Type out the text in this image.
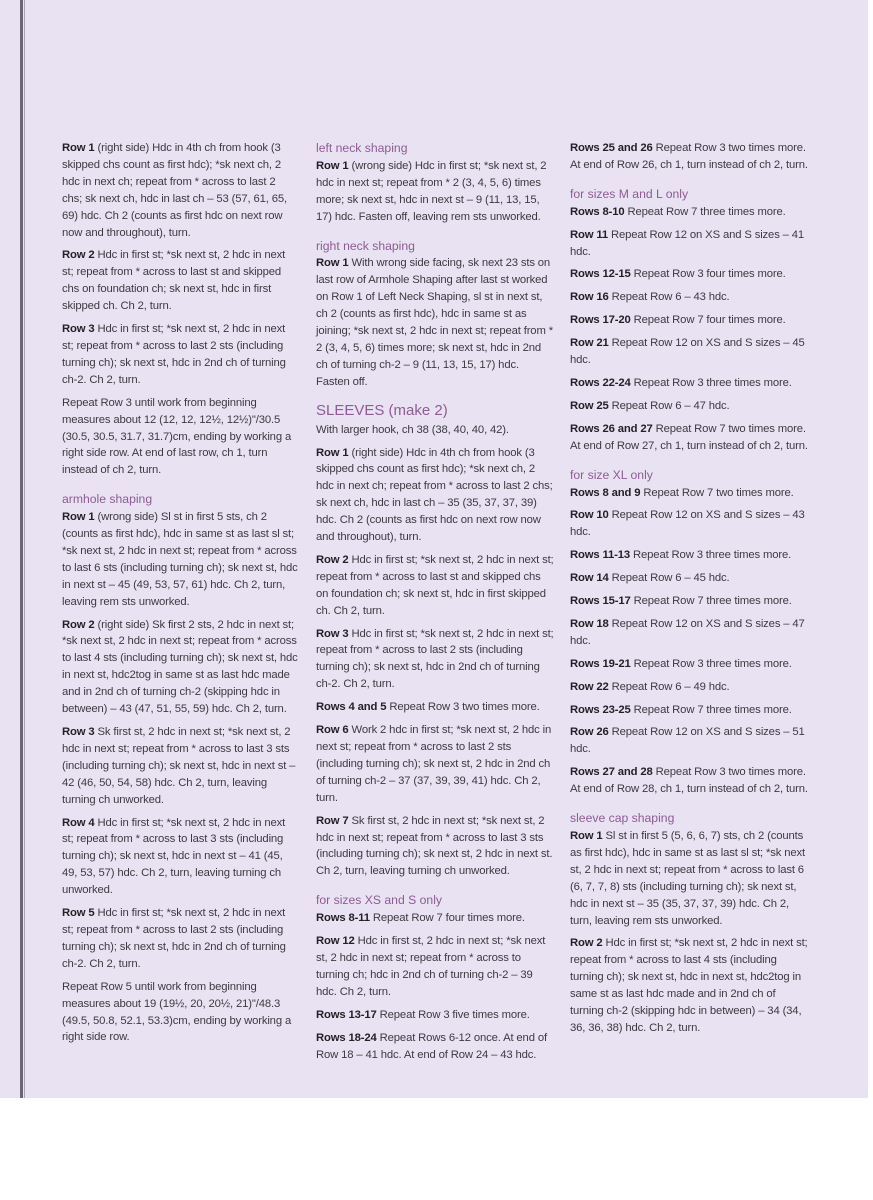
Row 1 (right side) Hdc in 4th ch from hook (3 skipped chs count as first hdc); *sk next ch, 2 hdc in next ch; repeat from * across to last 2 chs; sk next ch, hdc in last ch – 53 (57, 61, 65, 69) hdc. Ch 2 (counts as first hdc on next row now and throughout), turn.

Row 2 Hdc in first st; *sk next st, 2 hdc in next st; repeat from * across to last st and skipped chs on foundation ch; sk next st, hdc in first skipped ch. Ch 2, turn.

Row 3 Hdc in first st; *sk next st, 2 hdc in next st; repeat from * across to last 2 sts (including turning ch); sk next st, hdc in 2nd ch of turning ch-2. Ch 2, turn.

Repeat Row 3 until work from beginning measures about 12 (12, 12, 12½, 12½)"/30.5 (30.5, 30.5, 31.7, 31.7)cm, ending by working a right side row. At end of last row, ch 1, turn instead of ch 2, turn.

armhole shaping

Row 1 (wrong side) Sl st in first 5 sts, ch 2 (counts as first hdc), hdc in same st as last sl st; *sk next st, 2 hdc in next st; repeat from * across to last 6 sts (including turning ch); sk next st, hdc in next st – 45 (49, 53, 57, 61) hdc. Ch 2, turn, leaving rem sts unworked.

Row 2 (right side) Sk first 2 sts, 2 hdc in next st; *sk next st, 2 hdc in next st; repeat from * across to last 4 sts (including turning ch); sk next st, hdc in next st, hdc2tog in same st as last hdc made and in 2nd ch of turning ch-2 (skipping hdc in between) – 43 (47, 51, 55, 59) hdc. Ch 2, turn.

Row 3 Sk first st, 2 hdc in next st; *sk next st, 2 hdc in next st; repeat from * across to last 3 sts (including turning ch); sk next st, hdc in next st – 42 (46, 50, 54, 58) hdc. Ch 2, turn, leaving turning ch unworked.

Row 4 Hdc in first st; *sk next st, 2 hdc in next st; repeat from * across to last 3 sts (including turning ch); sk next st, hdc in next st – 41 (45, 49, 53, 57) hdc. Ch 2, turn, leaving turning ch unworked.

Row 5 Hdc in first st; *sk next st, 2 hdc in next st; repeat from * across to last 2 sts (including turning ch); sk next st, hdc in 2nd ch of turning ch-2. Ch 2, turn.

Repeat Row 5 until work from beginning measures about 19 (19½, 20, 20½, 21)"/48.3 (49.5, 50.8, 52.1, 53.3)cm, ending by working a right side row.

left neck shaping

Row 1 (wrong side) Hdc in first st; *sk next st, 2 hdc in next st; repeat from * 2 (3, 4, 5, 6) times more; sk next st, hdc in next st – 9 (11, 13, 15, 17) hdc. Fasten off, leaving rem sts unworked.

right neck shaping

Row 1 With wrong side facing, sk next 23 sts on last row of Armhole Shaping after last st worked on Row 1 of Left Neck Shaping, sl st in next st, ch 2 (counts as first hdc), hdc in same st as joining; *sk next st, 2 hdc in next st; repeat from * 2 (3, 4, 5, 6) times more; sk next st, hdc in 2nd ch of turning ch-2 – 9 (11, 13, 15, 17) hdc. Fasten off.

SLEEVES (make 2)

With larger hook, ch 38 (38, 40, 40, 42).

Row 1 (right side) Hdc in 4th ch from hook (3 skipped chs count as first hdc); *sk next ch, 2 hdc in next ch; repeat from * across to last 2 chs; sk next ch, hdc in last ch – 35 (35, 37, 37, 39) hdc. Ch 2 (counts as first hdc on next row now and throughout), turn.

Row 2 Hdc in first st; *sk next st, 2 hdc in next st; repeat from * across to last st and skipped chs on foundation ch; sk next st, hdc in first skipped ch. Ch 2, turn.

Row 3 Hdc in first st; *sk next st, 2 hdc in next st; repeat from * across to last 2 sts (including turning ch); sk next st, hdc in 2nd ch of turning ch-2. Ch 2, turn.

Rows 4 and 5 Repeat Row 3 two times more.

Row 6 Work 2 hdc in first st; *sk next st, 2 hdc in next st; repeat from * across to last 2 sts (including turning ch); sk next st, 2 hdc in 2nd ch of turning ch-2 – 37 (37, 39, 39, 41) hdc. Ch 2, turn.

Row 7 Sk first st, 2 hdc in next st; *sk next st, 2 hdc in next st; repeat from * across to last 3 sts (including turning ch); sk next st, 2 hdc in next st. Ch 2, turn, leaving turning ch unworked.

for sizes XS and S only

Rows 8-11 Repeat Row 7 four times more.

Row 12 Hdc in first st, 2 hdc in next st; *sk next st, 2 hdc in next st; repeat from * across to turning ch; hdc in 2nd ch of turning ch-2 – 39 hdc. Ch 2, turn.

Rows 13-17 Repeat Row 3 five times more.

Rows 18-24 Repeat Rows 6-12 once. At end of Row 18 – 41 hdc. At end of Row 24 – 43 hdc.

Rows 25 and 26 Repeat Row 3 two times more. At end of Row 26, ch 1, turn instead of ch 2, turn.

for sizes M and L only

Rows 8-10 Repeat Row 7 three times more.

Row 11 Repeat Row 12 on XS and S sizes – 41 hdc.

Rows 12-15 Repeat Row 3 four times more.

Row 16 Repeat Row 6 – 43 hdc.

Rows 17-20 Repeat Row 7 four times more.

Row 21 Repeat Row 12 on XS and S sizes – 45 hdc.

Rows 22-24 Repeat Row 3 three times more.

Row 25 Repeat Row 6 – 47 hdc.

Rows 26 and 27 Repeat Row 7 two times more. At end of Row 27, ch 1, turn instead of ch 2, turn.

for size XL only

Rows 8 and 9 Repeat Row 7 two times more.

Row 10 Repeat Row 12 on XS and S sizes – 43 hdc.

Rows 11-13 Repeat Row 3 three times more.

Row 14 Repeat Row 6 – 45 hdc.

Rows 15-17 Repeat Row 7 three times more.

Row 18 Repeat Row 12 on XS and S sizes – 47 hdc.

Rows 19-21 Repeat Row 3 three times more.

Row 22 Repeat Row 6 – 49 hdc.

Rows 23-25 Repeat Row 7 three times more.

Row 26 Repeat Row 12 on XS and S sizes – 51 hdc.

Rows 27 and 28 Repeat Row 3 two times more. At end of Row 28, ch 1, turn instead of ch 2, turn.

sleeve cap shaping

Row 1 Sl st in first 5 (5, 6, 6, 7) sts, ch 2 (counts as first hdc), hdc in same st as last sl st; *sk next st, 2 hdc in next st; repeat from * across to last 6 (6, 7, 7, 8) sts (including turning ch); sk next st, hdc in next st – 35 (35, 37, 37, 39) hdc. Ch 2, turn, leaving rem sts unworked.

Row 2 Hdc in first st; *sk next st, 2 hdc in next st; repeat from * across to last 4 sts (including turning ch); sk next st, hdc in next st, hdc2tog in same st as last hdc made and in 2nd ch of turning ch-2 (skipping hdc in between) – 34 (34, 36, 36, 38) hdc. Ch 2, turn.
